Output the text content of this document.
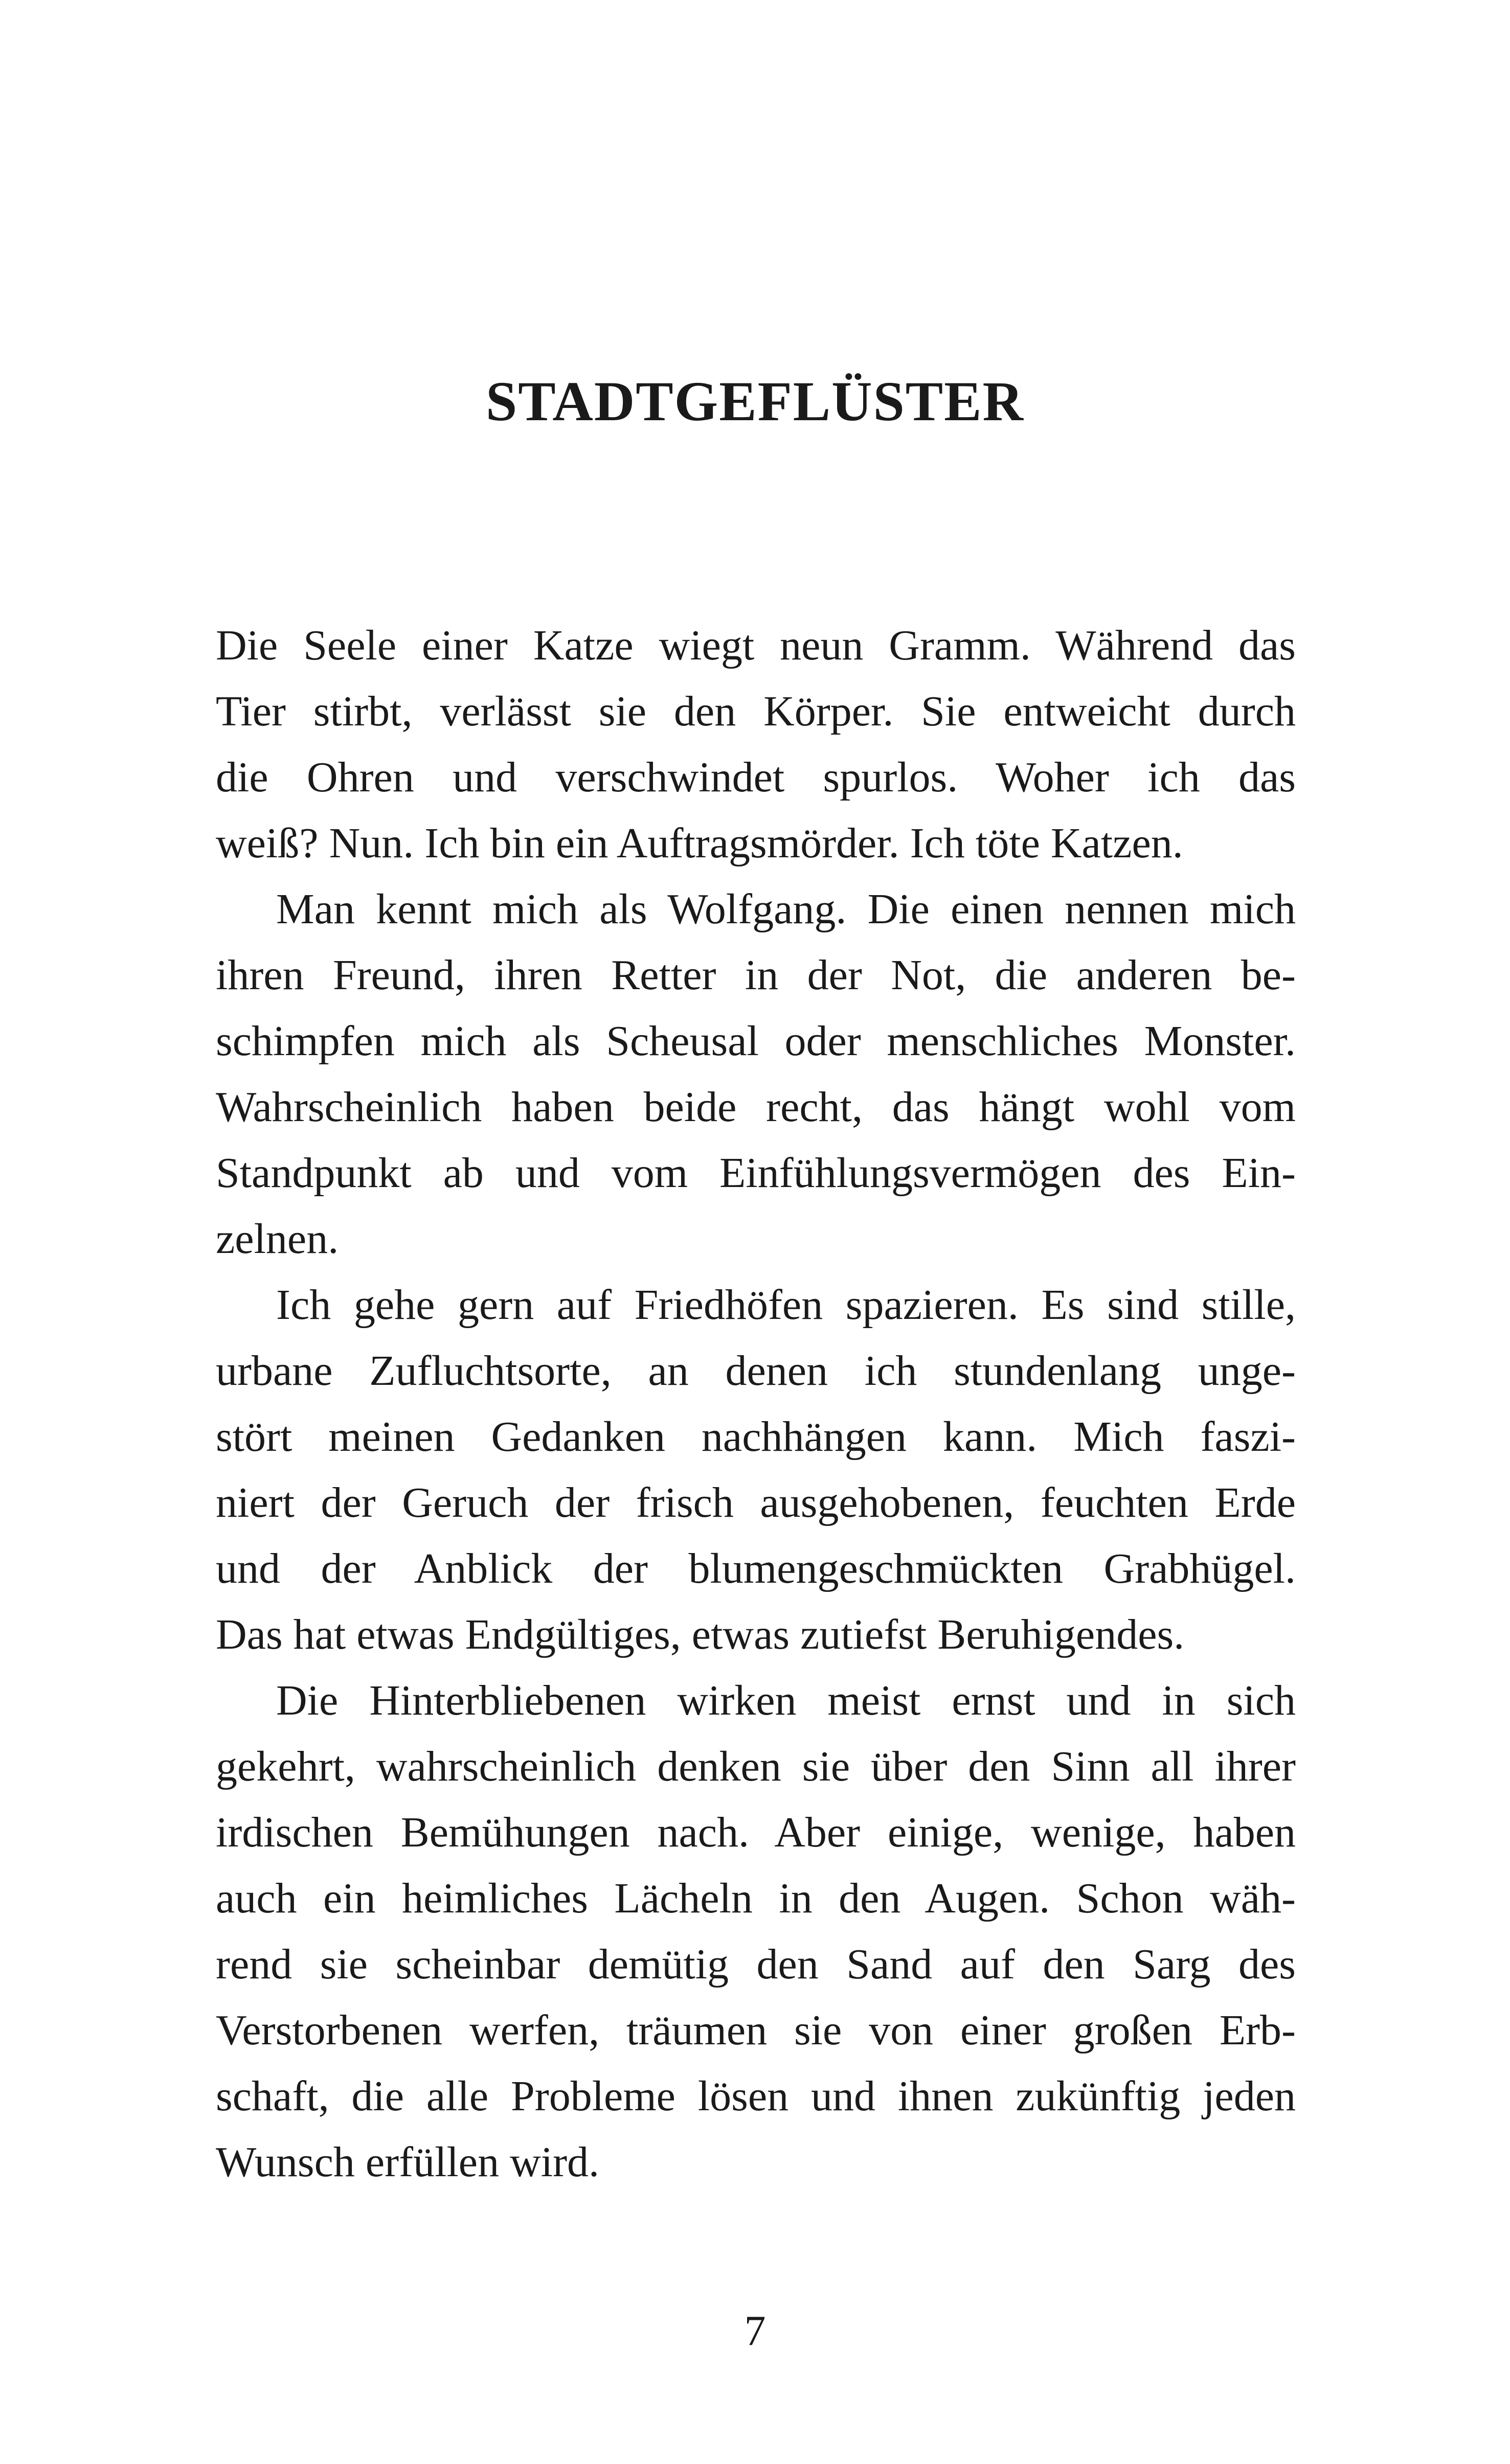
STADTGEFLÜSTER
Die Seele einer Katze wiegt neun Gramm. Während das
Tier stirbt, verlässt sie den Körper. Sie entweicht durch
die Ohren und verschwindet spurlos. Woher ich das
weiß? Nun. Ich bin ein Auftragsmörder. Ich töte Katzen.
Man kennt mich als Wolfgang. Die einen nennen mich
ihren Freund, ihren Retter in der Not, die anderen be-
schimpfen mich als Scheusal oder menschliches Monster.
Wahrscheinlich haben beide recht, das hängt wohl vom
Standpunkt ab und vom Einfühlungsvermögen des Ein-
zelnen.
Ich gehe gern auf Friedhöfen spazieren. Es sind stille,
urbane Zufluchtsorte, an denen ich stundenlang unge-
stört meinen Gedanken nachhängen kann. Mich faszi-
niert der Geruch der frisch ausgehobenen, feuchten Erde
und der Anblick der blumengeschmückten Grabhügel.
Das hat etwas Endgültiges, etwas zutiefst Beruhigendes.
Die Hinterbliebenen wirken meist ernst und in sich
gekehrt, wahrscheinlich denken sie über den Sinn all ihrer
irdischen Bemühungen nach. Aber einige, wenige, haben
auch ein heimliches Lächeln in den Augen. Schon wäh-
rend sie scheinbar demütig den Sand auf den Sarg des
Verstorbenen werfen, träumen sie von einer großen Erb-
schaft, die alle Probleme lösen und ihnen zukünftig jeden
Wunsch erfüllen wird.
7
